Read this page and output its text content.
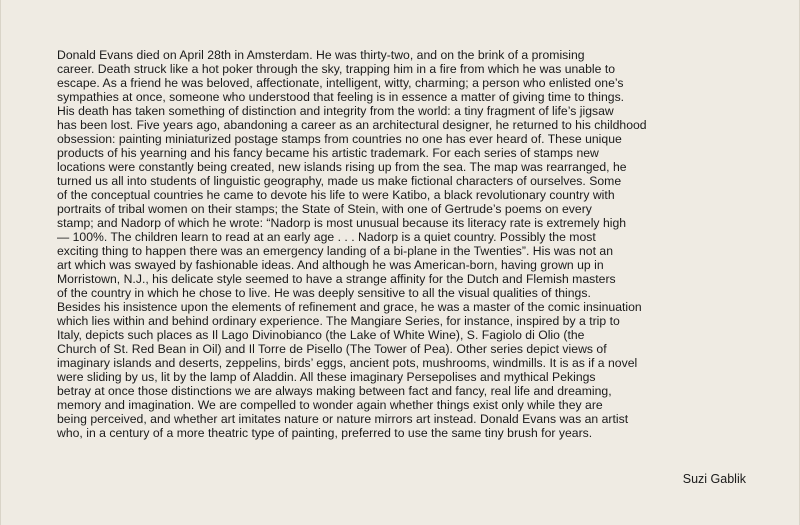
Donald Evans died on April 28th in Amsterdam. He was thirty-two, and on the brink of a promising
career. Death struck like a hot poker through the sky, trapping him in a fire from which he was unable to
escape. As a friend he was beloved, affectionate, intelligent, witty, charming; a person who enlisted one’s
sympathies at once, someone who understood that feeling is in essence a matter of giving time to things.
His death has taken something of distinction and integrity from the world: a tiny fragment of life’s jigsaw
has been lost. Five years ago, abandoning a career as an architectural designer, he returned to his childhood
obsession: painting miniaturized postage stamps from countries no one has ever heard of. These unique
products of his yearning and his fancy became his artistic trademark. For each series of stamps new
locations were constantly being created, new islands rising up from the sea. The map was rearranged, he
turned us all into students of linguistic geography, made us make fictional characters of ourselves. Some
of the conceptual countries he came to devote his life to were Katibo, a black revolutionary country with
portraits of tribal women on their stamps; the State of Stein, with one of Gertrude’s poems on every
stamp; and Nadorp of which he wrote: “Nadorp is most unusual because its literacy rate is extremely high
— 100%. The children learn to read at an early age . . . Nadorp is a quiet country. Possibly the most
exciting thing to happen there was an emergency landing of a bi-plane in the Twenties”. His was not an
art which was swayed by fashionable ideas. And although he was American-born, having grown up in
Morristown, N.J., his delicate style seemed to have a strange affinity for the Dutch and Flemish masters
of the country in which he chose to live. He was deeply sensitive to all the visual qualities of things.
Besides his insistence upon the elements of refinement and grace, he was a master of the comic insinuation
which lies within and behind ordinary experience. The Mangiare Series, for instance, inspired by a trip to
Italy, depicts such places as Il Lago Divinobianco (the Lake of White Wine), S. Fagiolo di Olio (the
Church of St. Red Bean in Oil) and Il Torre de Pisello (The Tower of Pea). Other series depict views of
imaginary islands and deserts, zeppelins, birds’ eggs, ancient pots, mushrooms, windmills. It is as if a novel
were sliding by us, lit by the lamp of Aladdin. All these imaginary Persepolises and mythical Pekings
betray at once those distinctions we are always making between fact and fancy, real life and dreaming,
memory and imagination. We are compelled to wonder again whether things exist only while they are
being perceived, and whether art imitates nature or nature mirrors art instead. Donald Evans was an artist
who, in a century of a more theatric type of painting, preferred to use the same tiny brush for years.

Suzi Gablik
